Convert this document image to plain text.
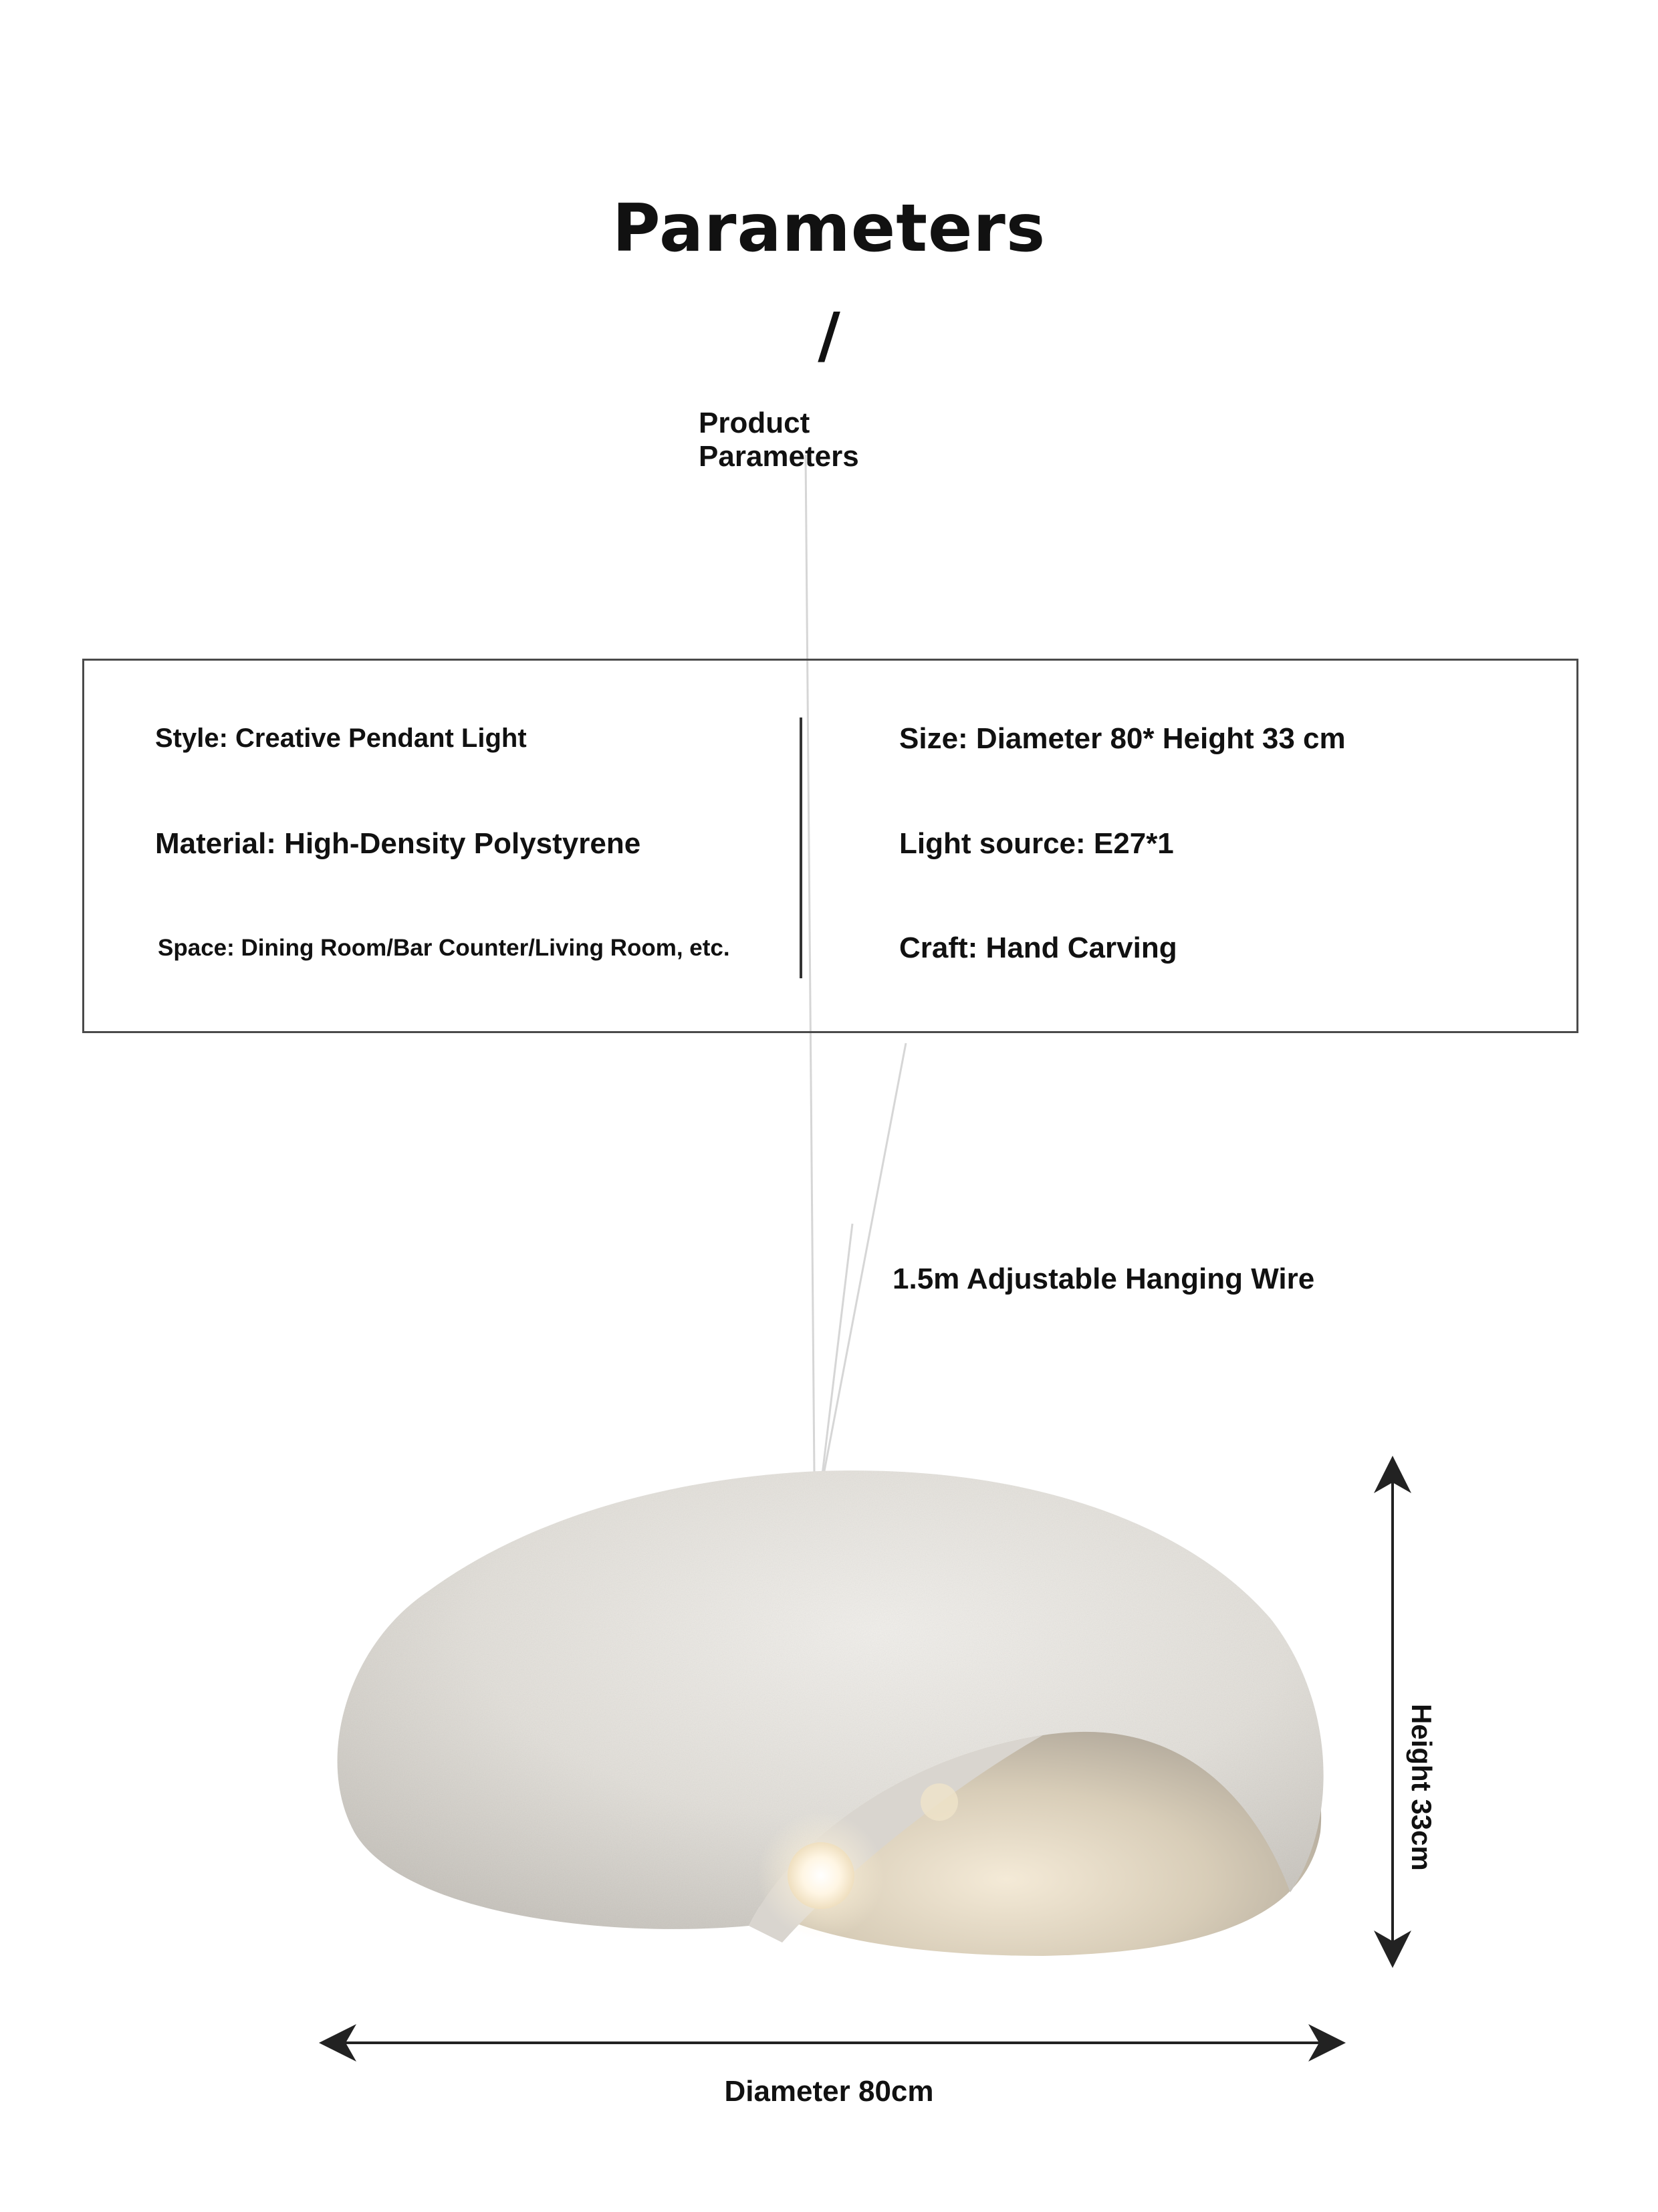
Parameters
/
Product
Parameters
Style: Creative Pendant Light
Material: High-Density Polystyrene
Space: Dining Room/Bar Counter/Living Room, etc.
Size: Diameter 80* Height 33 cm
Light source: E27*1
Craft: Hand Carving
1.5m Adjustable Hanging Wire
Height 33cm
Diameter 80cm
